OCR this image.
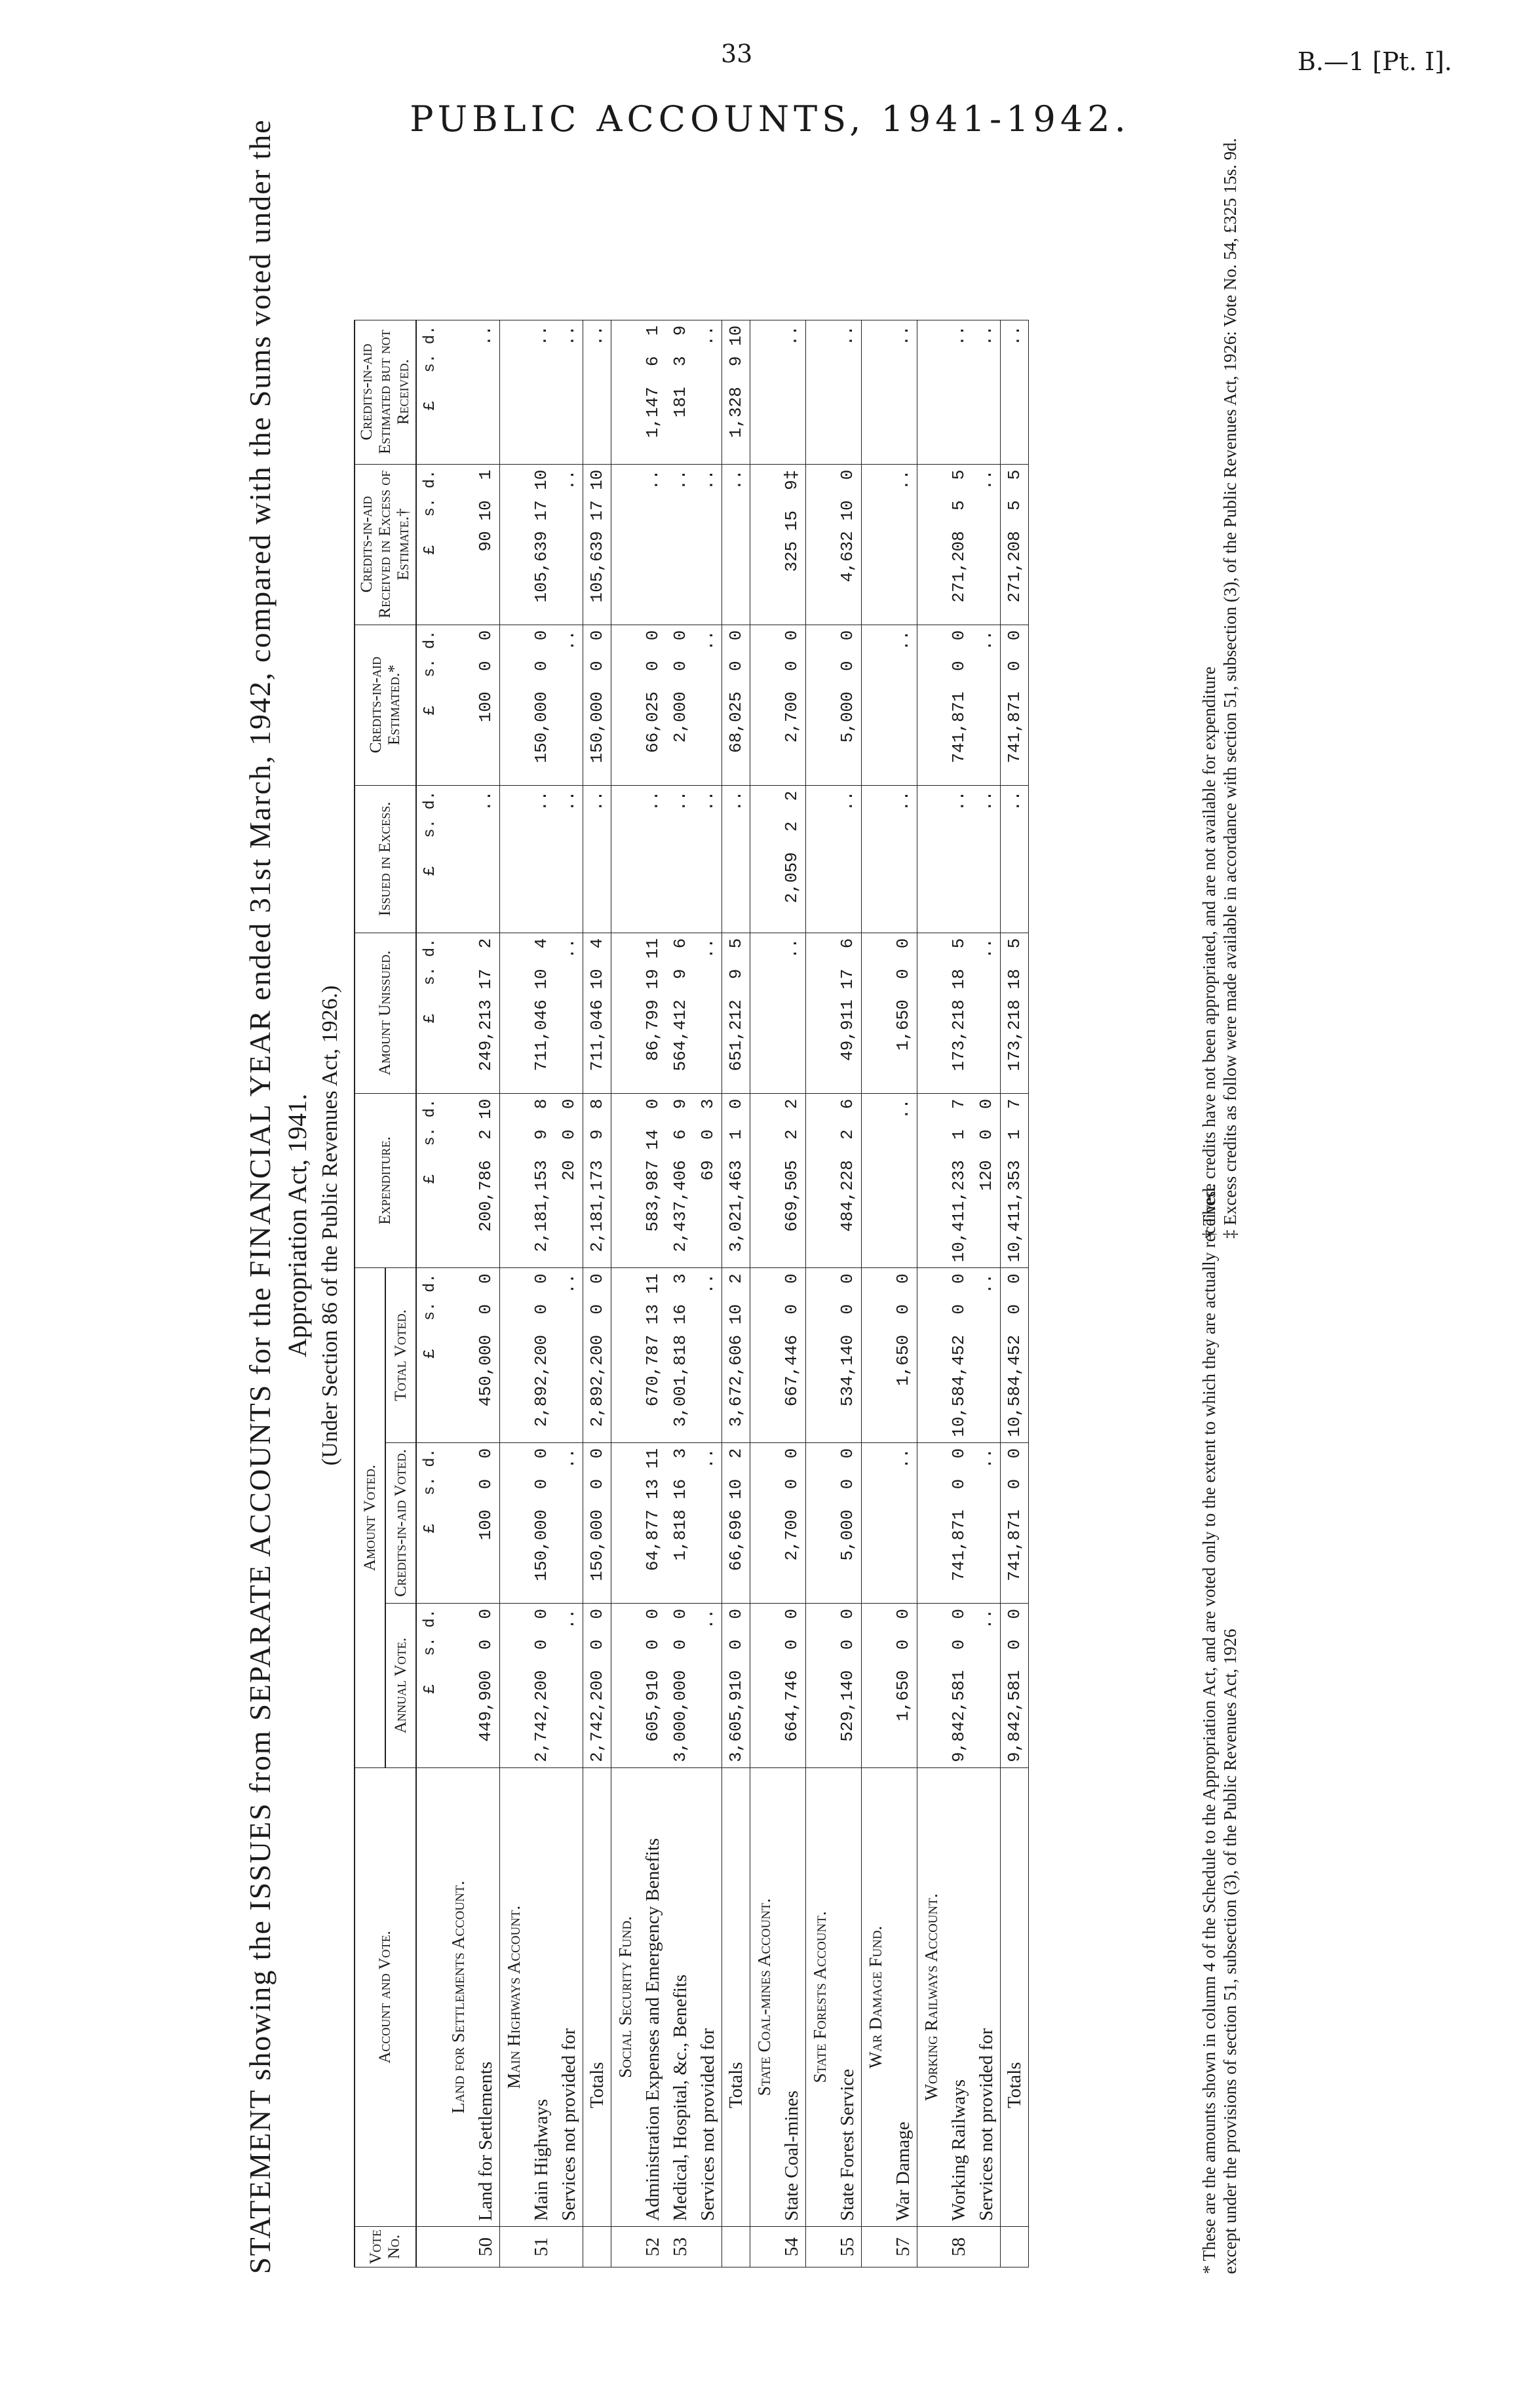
33	B.—1 [Pt. I].
PUBLIC ACCOUNTS, 1941-1942.
STATEMENT showing the ISSUES from SEPARATE ACCOUNTS for the FINANCIAL YEAR ended 31st March, 1942, compared with the Sums voted under the Appropriation Act, 1941. (Under Section 86 of the Public Revenues Act, 1926.)
Vote No.	Account and Vote.	Amount Voted.			Expenditure.	Amount Unissued.	Issued in Excess.	Credits-in-aid Estimated.*	Credits-in-aid Received in Excess of Estimate.†	Credits-in-aid Estimated but not Received.
		Annual Vote.	Credits-in-aid Voted.	Total Voted.						
		£   s. d.	£   s. d.	£   s. d.	£   s. d.	£   s. d.	£   s. d.	£   s. d.	£   s. d.	£   s. d.

	Land for Settlements Account.									

50	Land for Settlements	449,900  0  0	100  0  0	450,000  0  0	200,786  2 10	249,213 17  2	..	100  0  0	90 10  1	..

	Main Highways Account.									

51	Main Highways	2,742,200  0  0	150,000  0  0	2,892,200  0  0	2,181,153  9  8	711,046 10  4	..	150,000  0  0	105,639 17 10	..
	Services not provided for	..	..	..	20  0  0	..	..	..	..	..
	Totals	2,742,200  0  0	150,000  0  0	2,892,200  0  0	2,181,173  9  8	711,046 10  4	..	150,000  0  0	105,639 17 10	..

	Social Security Fund.									

52	Administration Expenses and Emergency Benefits	605,910  0  0	64,877 13 11	670,787 13 11	583,987 14  0	86,799 19 11	..	66,025  0  0	..	1,147  6  1
53	Medical, Hospital, &c., Benefits	3,000,000  0  0	1,818 16  3	3,001,818 16  3	2,437,406  6  9	564,412  9  6	..	2,000  0  0	..	181  3  9
	Services not provided for	..	..	..	69  0  3	..	..	..	..	..
	Totals	3,605,910  0  0	66,696 10  2	3,672,606 10  2	3,021,463  1  0	651,212  9  5	..	68,025  0  0	..	1,328  9 10

	State Coal-mines Account.									

54	State Coal-mines	664,746  0  0	2,700  0  0	667,446  0  0	669,505  2  2	..	2,059  2  2	2,700  0  0	325 15  9‡	..

	State Forests Account.									

55	State Forest Service	529,140  0  0	5,000  0  0	534,140  0  0	484,228  2  6	49,911 17  6	..	5,000  0  0	4,632 10  0	..

	War Damage Fund.									

57	War Damage	1,650  0  0	..	1,650  0  0	..	1,650  0  0	..	..	..	..

	Working Railways Account.									

58	Working Railways	9,842,581  0  0	741,871  0  0	10,584,452  0  0	10,411,233  1  7	173,218 18  5	..	741,871  0  0	271,208  5  5	..
	Services not provided for	..	..	..	120  0  0	..	..	..	..	..
	Totals	9,842,581  0  0	741,871  0  0	10,584,452  0  0	10,411,353  1  7	173,218 18  5	..	741,871  0  0	271,208  5  5	..
* These are the amounts shown in column 4 of the Schedule to the Appropriation Act, and are voted only to the extent to which they are actually received. except under the provisions of section 51, subsection (3), of the Public Revenues Act, 1926
† These credits have not been appropriated, and are not available for expenditure ‡ Excess credits as follow were made available in accordance with section 51, subsection (3), of the Public Revenues Act, 1926: Vote No. 54, £325 15s. 9d.
